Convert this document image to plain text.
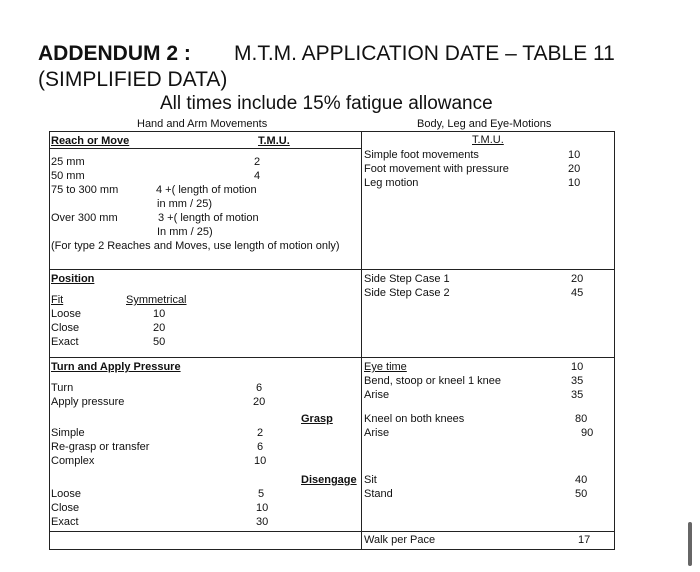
ADDENDUM 2 : M.T.M. APPLICATION DATE – TABLE 11
(SIMPLIFIED DATA)
All times include 15% fatigue allowance
Hand and Arm Movements	Body, Leg and Eye-Motions
Reach or Move	T.M.U.
25 mm	2
50 mm	4
75 to 300 mm	4 +( length of motion
in mm / 25)
Over 300 mm	3 +( length of motion
In mm / 25)
(For type 2 Reaches and Moves, use length of motion only)
Position
Fit	Symmetrical
Loose	10
Close	20
Exact	50
Turn and Apply Pressure
Turn	6
Apply pressure	20
Grasp
Simple	2
Re-grasp or transfer	6
Complex	10
Disengage
Loose	5
Close	10
Exact	30
T.M.U.
Simple foot movements	10
Foot movement with pressure	20
Leg motion	10
Side Step Case 1	20
Side Step Case 2	45
Eye time	10
Bend, stoop or kneel 1 knee	35
Arise	35
Kneel on both knees	80
Arise	90
Sit	40
Stand	50
Walk per Pace	17
